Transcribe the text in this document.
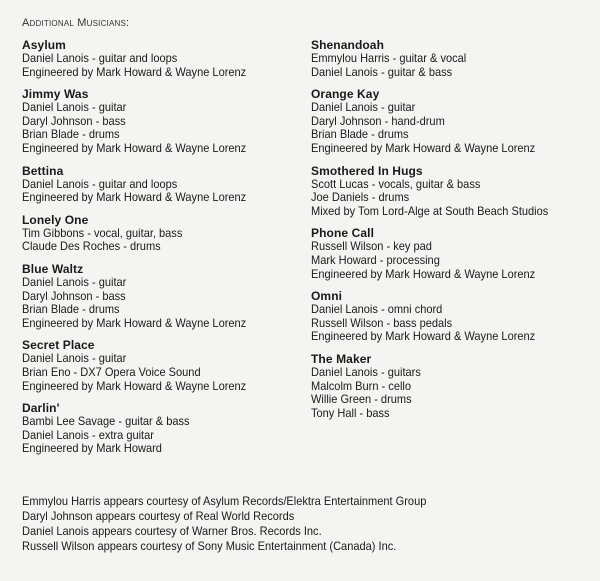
Additional Musicians:
Asylum
Daniel Lanois - guitar and loops
Engineered by Mark Howard & Wayne Lorenz
Jimmy Was
Daniel Lanois - guitar
Daryl Johnson - bass
Brian Blade - drums
Engineered by Mark Howard & Wayne Lorenz
Bettina
Daniel Lanois - guitar and loops
Engineered by Mark Howard & Wayne Lorenz
Lonely One
Tim Gibbons - vocal, guitar, bass
Claude Des Roches - drums
Blue Waltz
Daniel Lanois - guitar
Daryl Johnson - bass
Brian Blade - drums
Engineered by Mark Howard & Wayne Lorenz
Secret Place
Daniel Lanois - guitar
Brian Eno - DX7 Opera Voice Sound
Engineered by Mark Howard & Wayne Lorenz
Darlin'
Bambi Lee Savage - guitar & bass
Daniel Lanois - extra guitar
Engineered by Mark Howard
Shenandoah
Emmylou Harris - guitar & vocal
Daniel Lanois - guitar & bass
Orange Kay
Daniel Lanois - guitar
Daryl Johnson - hand-drum
Brian Blade - drums
Engineered by Mark Howard & Wayne Lorenz
Smothered In Hugs
Scott Lucas - vocals, guitar & bass
Joe Daniels - drums
Mixed by Tom Lord-Alge at South Beach Studios
Phone Call
Russell Wilson - key pad
Mark Howard - processing
Engineered by Mark Howard & Wayne Lorenz
Omni
Daniel Lanois - omni chord
Russell Wilson - bass pedals
Engineered by Mark Howard & Wayne Lorenz
The Maker
Daniel Lanois - guitars
Malcolm Burn - cello
Willie Green - drums
Tony Hall - bass
Emmylou Harris appears courtesy of Asylum Records/Elektra Entertainment Group
Daryl Johnson appears courtesy of Real World Records
Daniel Lanois appears courtesy of Warner Bros. Records Inc.
Russell Wilson appears courtesy of Sony Music Entertainment (Canada) Inc.
